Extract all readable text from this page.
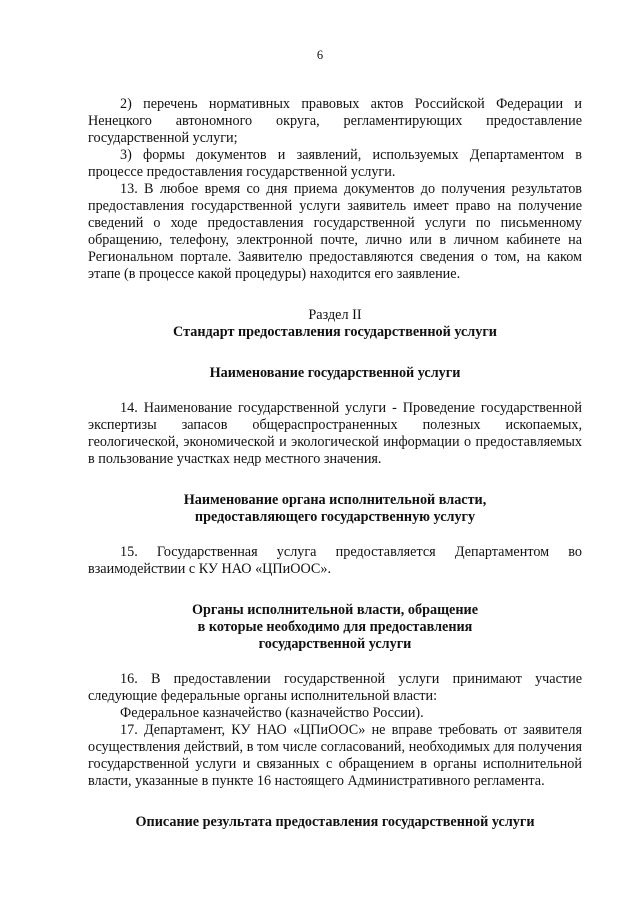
6

2) перечень нормативных правовых актов Российской Федерации и Ненецкого автономного округа, регламентирующих предоставление государственной услуги;

3) формы документов и заявлений, используемых Департаментом в процессе предоставления государственной услуги.

13. В любое время со дня приема документов до получения результатов предоставления государственной услуги заявитель имеет право на получение сведений о ходе предоставления государственной услуги по письменному обращению, телефону, электронной почте, лично или в личном кабинете на Региональном портале. Заявителю предоставляются сведения о том, на каком этапе (в процессе какой процедуры) находится его заявление.

Раздел II

Стандарт предоставления государственной услуги

Наименование государственной услуги

14. Наименование государственной услуги - Проведение государственной экспертизы запасов общераспространенных полезных ископаемых, геологической, экономической и экологической информации о предоставляемых в пользование участках недр местного значения.

Наименование органа исполнительной власти,

предоставляющего государственную услугу

15. Государственная услуга предоставляется Департаментом во взаимодействии с КУ НАО «ЦПиООС».

Органы исполнительной власти, обращение

в которые необходимо для предоставления

государственной услуги

16. В предоставлении государственной услуги принимают участие следующие федеральные органы исполнительной власти:

Федеральное казначейство (казначейство России).

17. Департамент, КУ НАО «ЦПиООС» не вправе требовать от заявителя осуществления действий, в том числе согласований, необходимых для получения государственной услуги и связанных с обращением в органы исполнительной власти, указанные в пункте 16 настоящего Административного регламента.

Описание результата предоставления государственной услуги
